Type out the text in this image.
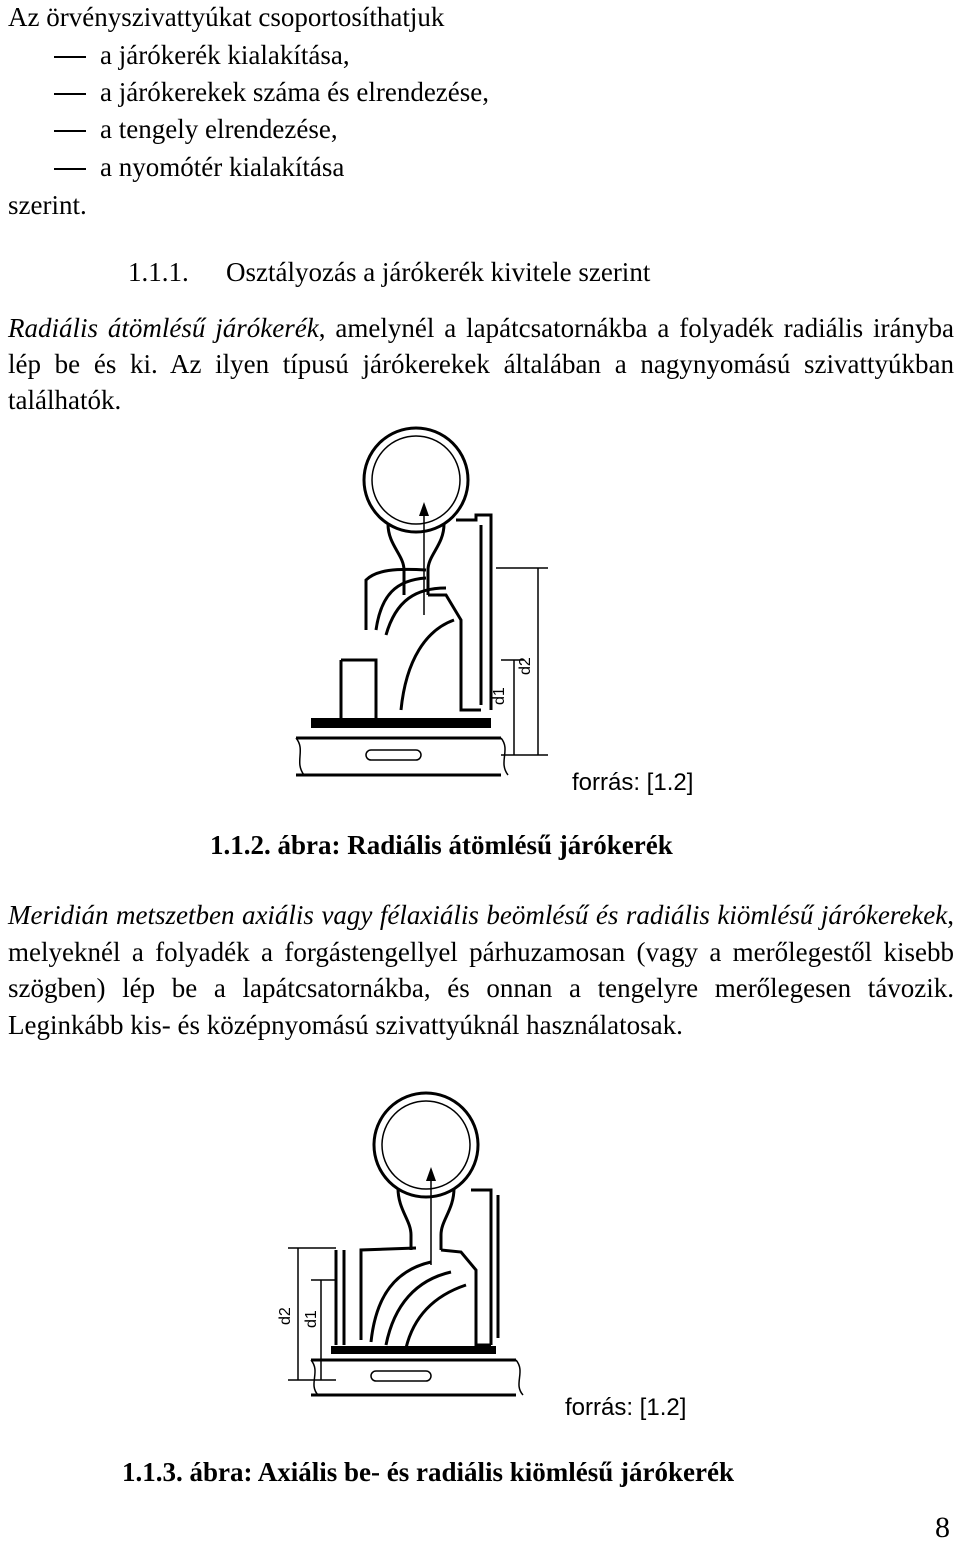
Az örvényszivattyúkat csoportosíthatjuk
a járókerék kialakítása,
a járókerekek száma és elrendezése,
a tengely elrendezése,
a nyomótér kialakítása
szerint.
1.1.1. Osztályozás a járókerék kivitele szerint

Radiális átömlésű járókerék, amelynél a lapátcsatornákba a folyadék radiális irányba lép be és ki. Az ilyen típusú járókerekek általában a nagynyomású szivattyúkban találhatók.

d1
d2
forrás: [1.2]
1.1.2. ábra: Radiális átömlésű járókerék

Meridián metszetben axiális vagy félaxiális beömlésű és radiális kiömlésű járókerekek, melyeknél a folyadék a forgástengellyel párhuzamosan (vagy a merőlegestől kisebb szögben) lép be a lapátcsatornákba, és onnan a tengelyre merőlegesen távozik. Leginkább kis- és középnyomású szivattyúknál használatosak.

d2 d1
forrás: [1.2]
1.1.3. ábra: Axiális be- és radiális kiömlésű járókerék
8
